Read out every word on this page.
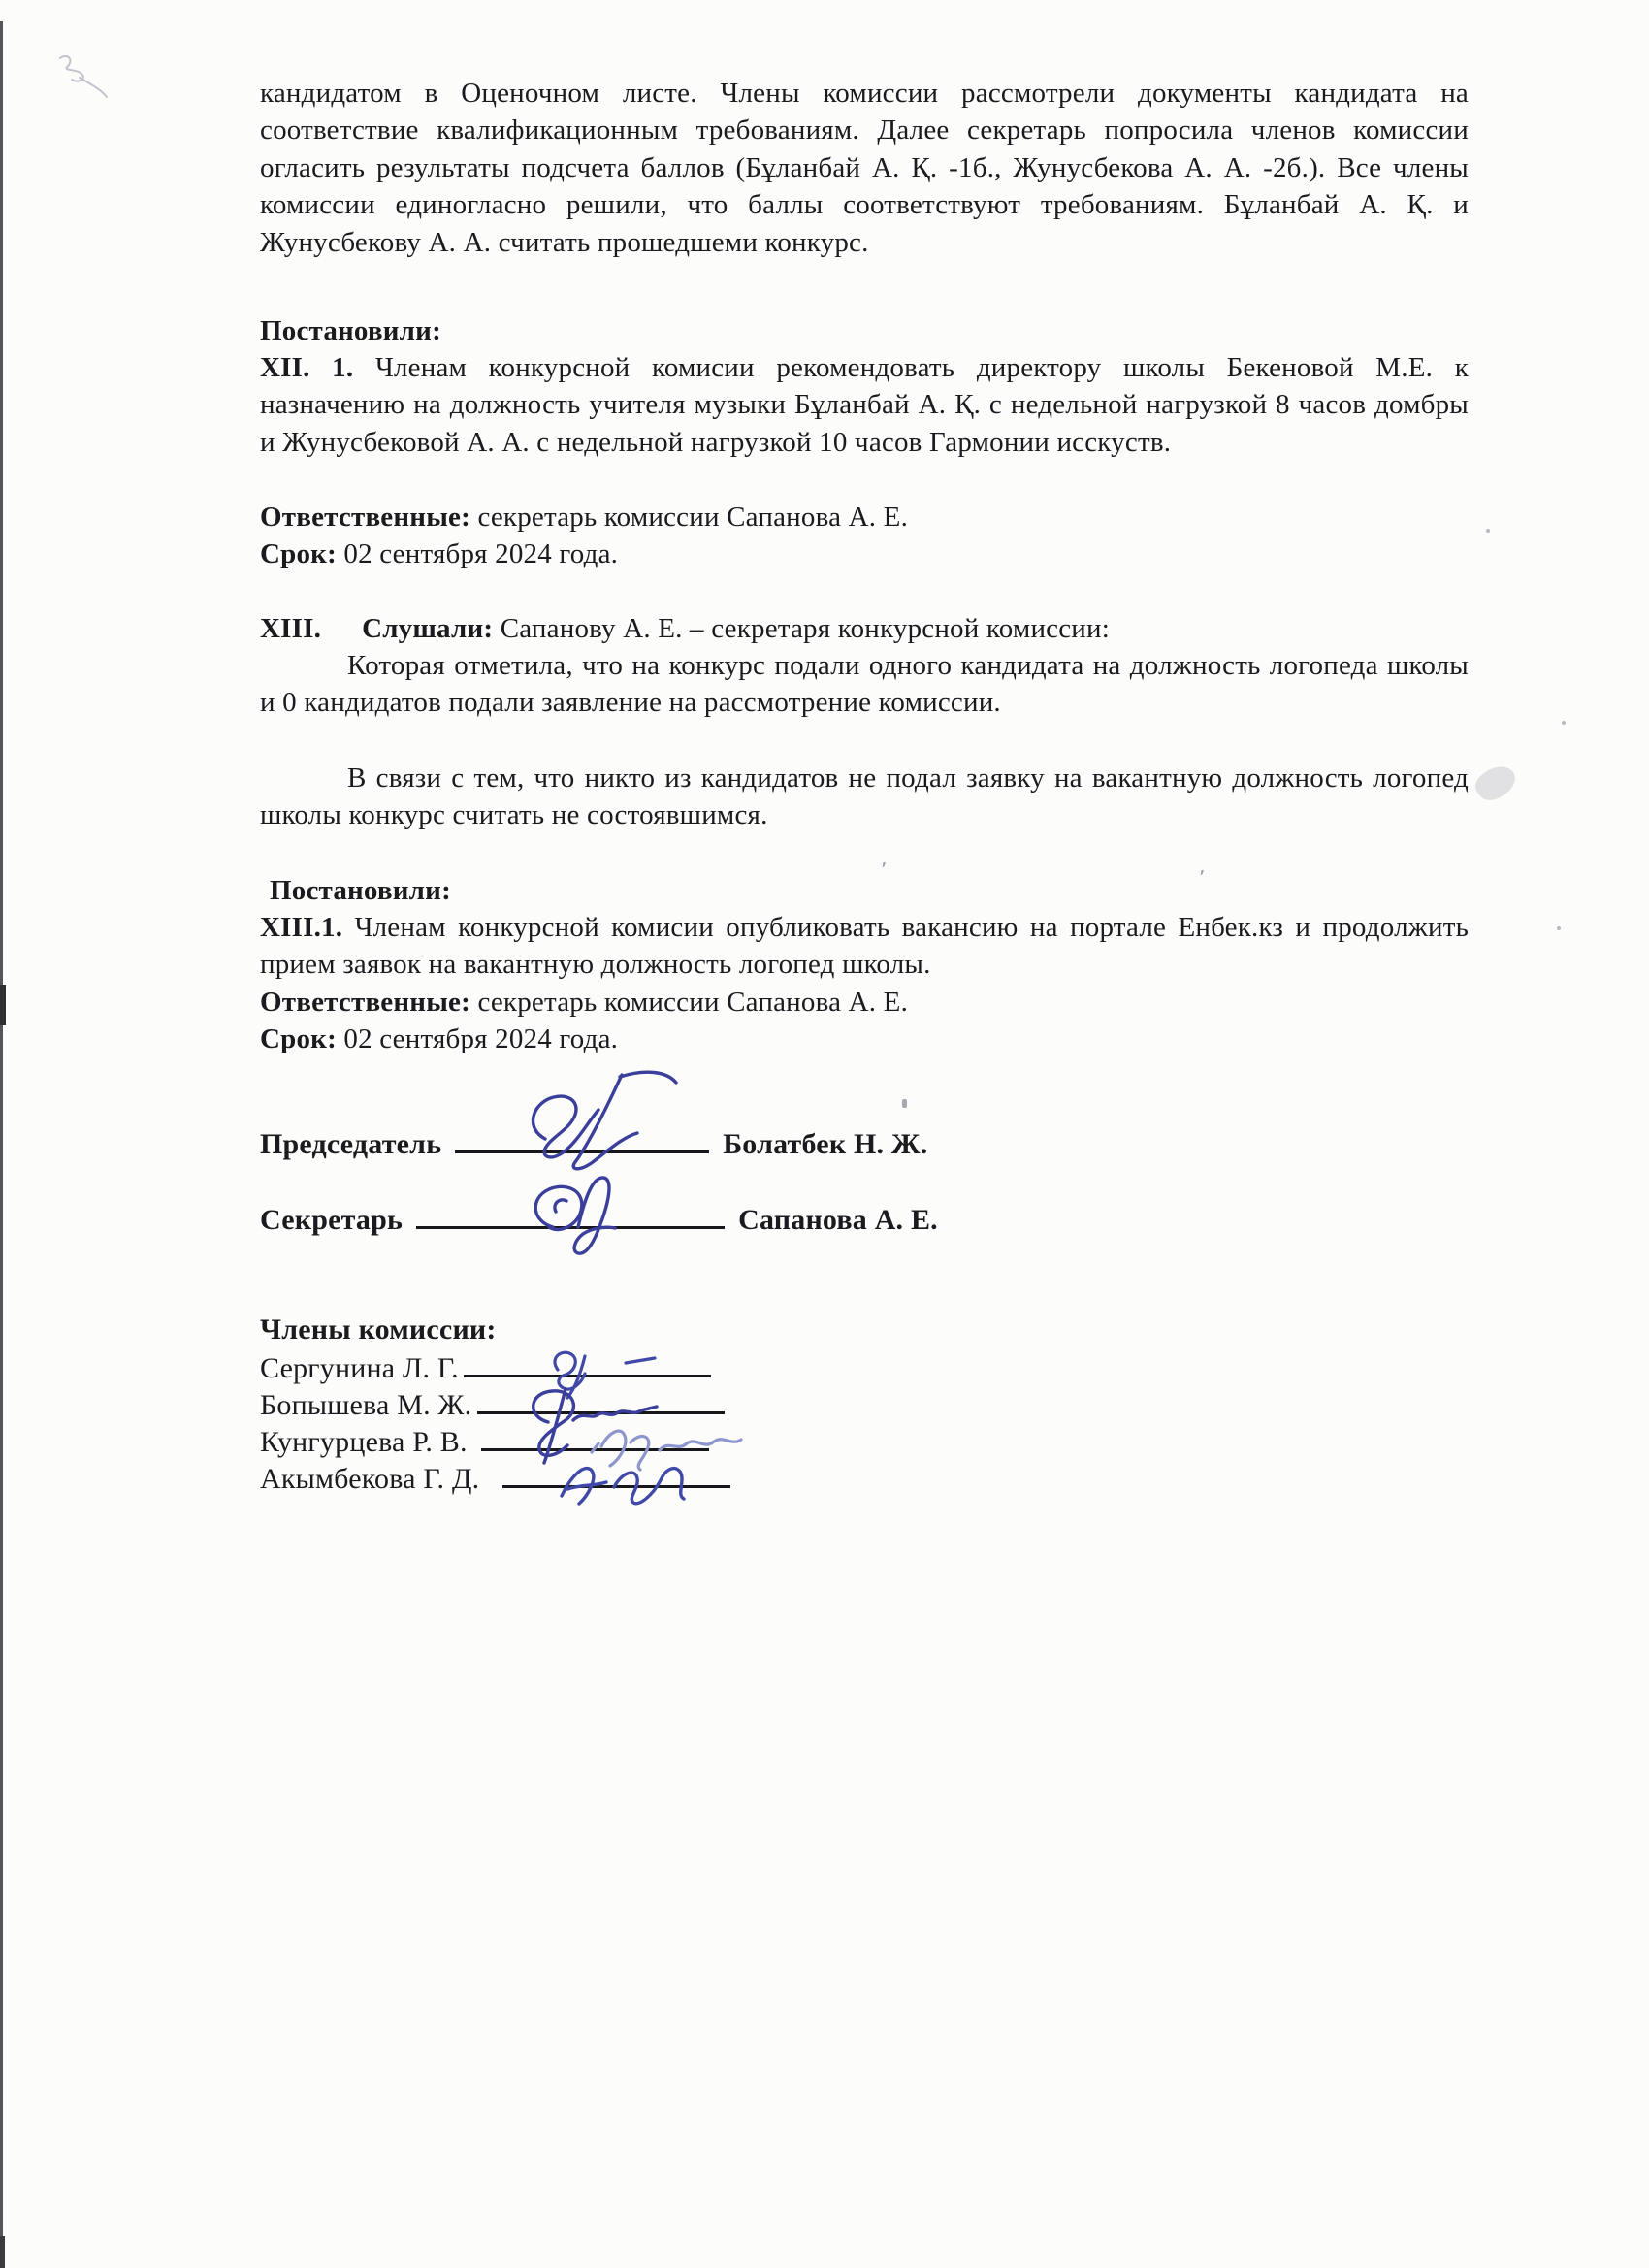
’	’
кандидатом в Оценочном листе. Члены комиссии рассмотрели документы кандидата на соответствие квалификационным требованиям. Далее секретарь попросила членов комиссии огласить результаты подсчета баллов (Бұланбай А. Қ. -1б., Жунусбекова А. А. -2б.). Все члены комиссии единогласно решили, что баллы соответствуют требованиям. Бұланбай А. Қ. и Жунусбекову А. А. считать прошедшеми конкурс.
Постановили:
XII. 1. Членам конкурсной комисии рекомендовать директору школы Бекеновой М.Е. к назначению на должность учителя музыки Бұланбай А. Қ. с недельной нагрузкой 8 часов домбры и Жунусбековой А. А. с недельной нагрузкой 10 часов Гармонии исскуств.
Ответственные: секретарь комиссии Сапанова А. Е.
Срок: 02 сентября 2024 года.
XIII. Слушали: Сапанову А. Е. – секретаря конкурсной комиссии:
Которая отметила, что на конкурс подали одного кандидата на должность логопеда школы и 0 кандидатов подали заявление на рассмотрение комиссии.
В связи с тем, что никто из кандидатов не подал заявку на вакантную должность логопед школы конкурс считать не состоявшимся.
Постановили:
XIII.1. Членам конкурсной комисии опубликовать вакансию на портале Енбек.кз и продолжить прием заявок на вакантную должность логопед школы.
Ответственные: секретарь комиссии Сапанова А. Е.
Срок: 02 сентября 2024 года.
Председатель	Болатбек Н. Ж.
Секретарь	Сапанова А. Е.
Члены комиссии:
Сергунина Л. Г.
Бопышева М. Ж.
Кунгурцева Р. В.
Акымбекова Г. Д.
